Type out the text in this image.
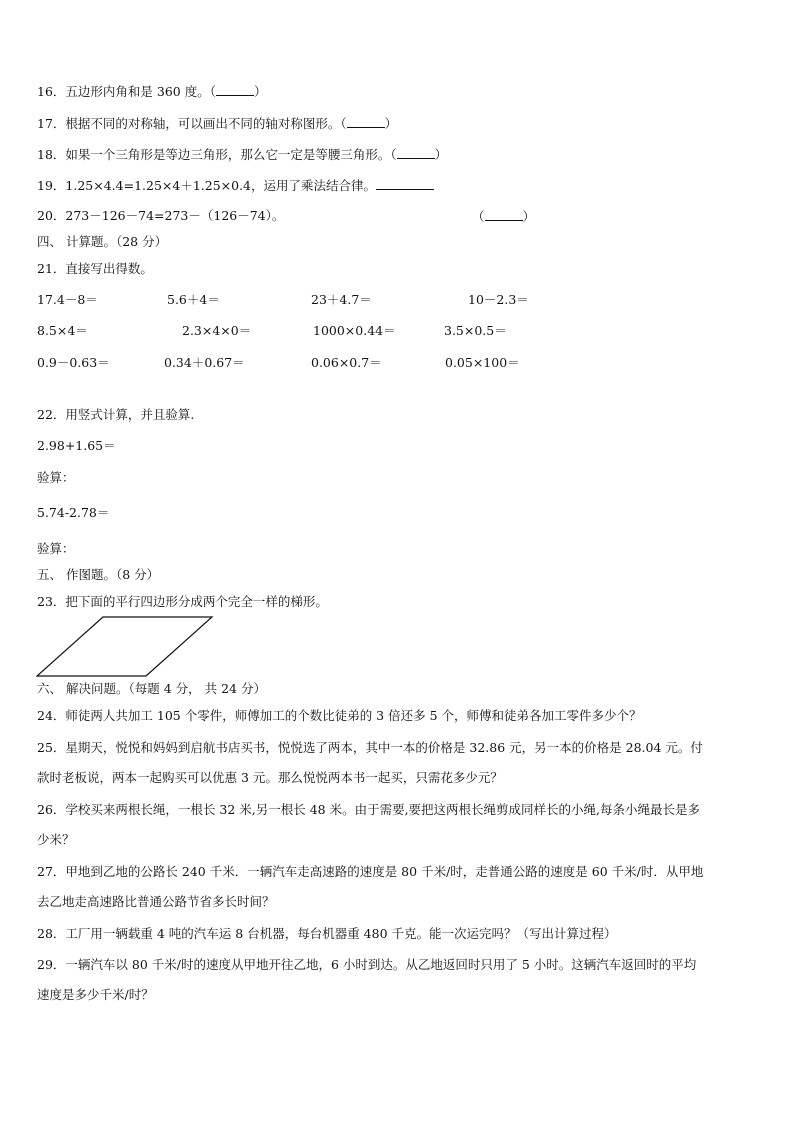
16．五边形内角和是 360 度。（	）
17．根据不同的对称轴，可以画出不同的轴对称图形。（	）
18．如果一个三角形是等边三角形，那么它一定是等腰三角形。（	）
19．1.25×4.4=1.25×4＋1.25×0.4，运用了乘法结合律。
20．273－126－74=273－（126－74）。	（	）
四、 计算题。（28 分）
21．直接写出得数。
17.4－8＝	5.6＋4＝	23＋4.7＝	10－2.3＝
8.5×4＝	2.3×4×0＝	1000×0.44＝	3.5×0.5＝
0.9－0.63＝	0.34＋0.67＝	0.06×0.7＝	0.05×100＝
22．用竖式计算，并且验算.
2.98+1.65＝
验算：
5.74-2.78＝
验算：
五、 作图题。（8 分）
23．把下面的平行四边形分成两个完全一样的梯形。
六、 解决问题。（每题 4 分， 共 24 分）
24．师徒两人共加工 105 个零件，师傅加工的个数比徒弟的 3 倍还多 5 个，师傅和徒弟各加工零件多少个？
25．星期天，悦悦和妈妈到启航书店买书，悦悦选了两本，其中一本的价格是 32.86 元，另一本的价格是 28.04 元。付
款时老板说，两本一起购买可以优惠 3 元。那么悦悦两本书一起买，只需花多少元？
26．学校买来两根长绳，一根长 32 米,另一根长 48 米。由于需要,要把这两根长绳剪成同样长的小绳,每条小绳最长是多
少米？
27．甲地到乙地的公路长 240 千米．一辆汽车走高速路的速度是 80 千米/时，走普通公路的速度是 60 千米/时．从甲地
去乙地走高速路比普通公路节省多长时间？
28．工厂用一辆载重 4 吨的汽车运 8 台机器，每台机器重 480 千克。能一次运完吗？（写出计算过程）
29．一辆汽车以 80 千米/时的速度从甲地开往乙地，6 小时到达。从乙地返回时只用了 5 小时。这辆汽车返回时的平均
速度是多少千米/时？
